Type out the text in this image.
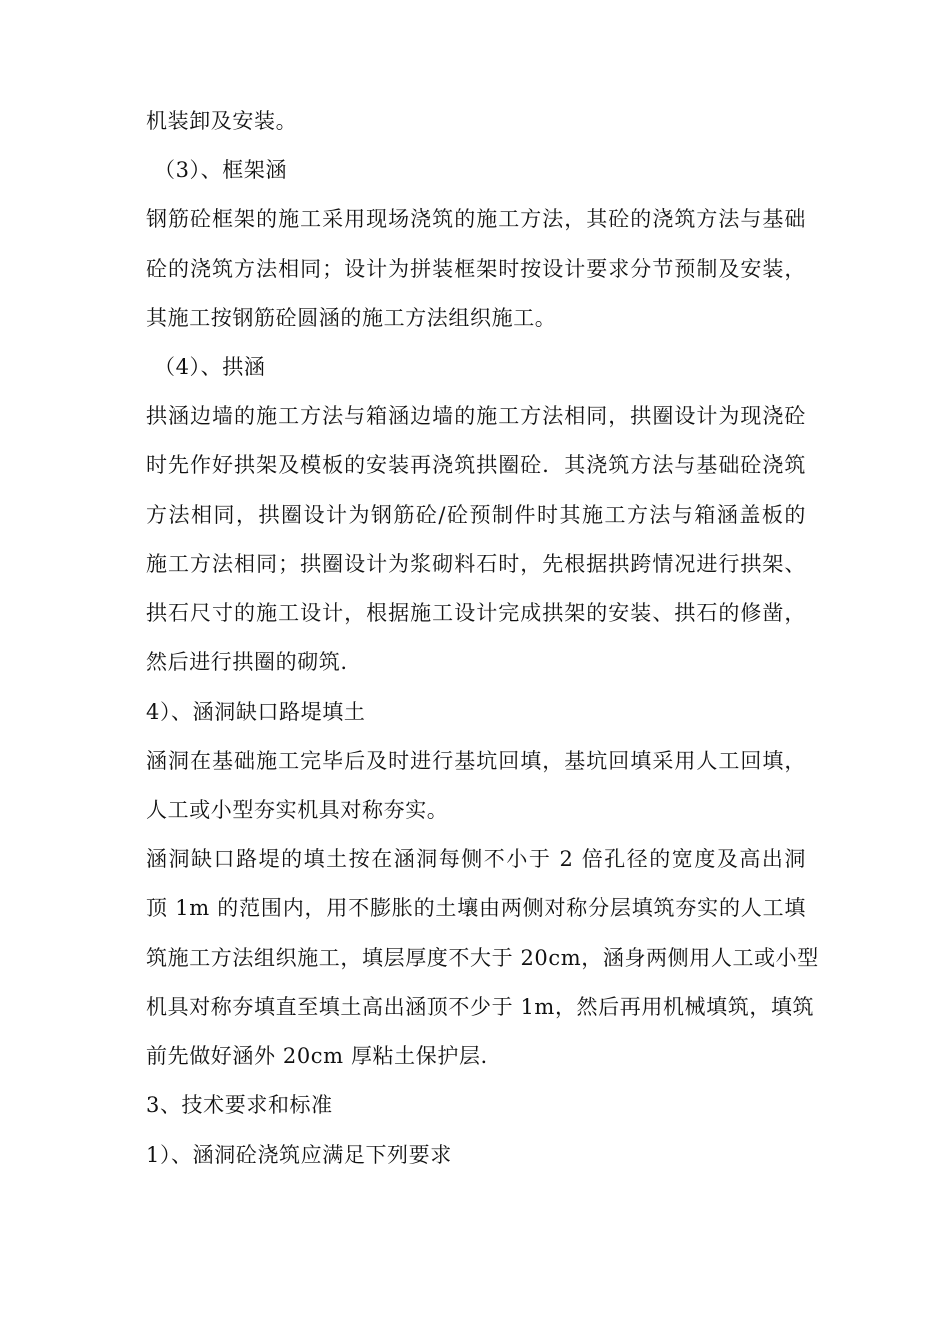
机装卸及安装。
（3）、框架涵
钢筋砼框架的施工采用现场浇筑的施工方法，其砼的浇筑方法与基础
砼的浇筑方法相同；设计为拼装框架时按设计要求分节预制及安装，
其施工按钢筋砼圆涵的施工方法组织施工。
（4）、拱涵
拱涵边墙的施工方法与箱涵边墙的施工方法相同，拱圈设计为现浇砼
时先作好拱架及模板的安装再浇筑拱圈砼．其浇筑方法与基础砼浇筑
方法相同，拱圈设计为钢筋砼/砼预制件时其施工方法与箱涵盖板的
施工方法相同；拱圈设计为浆砌料石时，先根据拱跨情况进行拱架、
拱石尺寸的施工设计，根据施工设计完成拱架的安装、拱石的修凿，
然后进行拱圈的砌筑.
4）、涵洞缺口路堤填土
涵洞在基础施工完毕后及时进行基坑回填，基坑回填采用人工回填，
人工或小型夯实机具对称夯实。
涵洞缺口路堤的填土按在涵洞每侧不小于 2 倍孔径的宽度及高出洞
顶 1m 的范围内，用不膨胀的土壤由两侧对称分层填筑夯实的人工填
筑施工方法组织施工，填层厚度不大于 20cm，涵身两侧用人工或小型
机具对称夯填直至填土高出涵顶不少于 1m，然后再用机械填筑，填筑
前先做好涵外 20cm 厚粘土保护层.
3、技术要求和标准
1）、涵洞砼浇筑应满足下列要求
